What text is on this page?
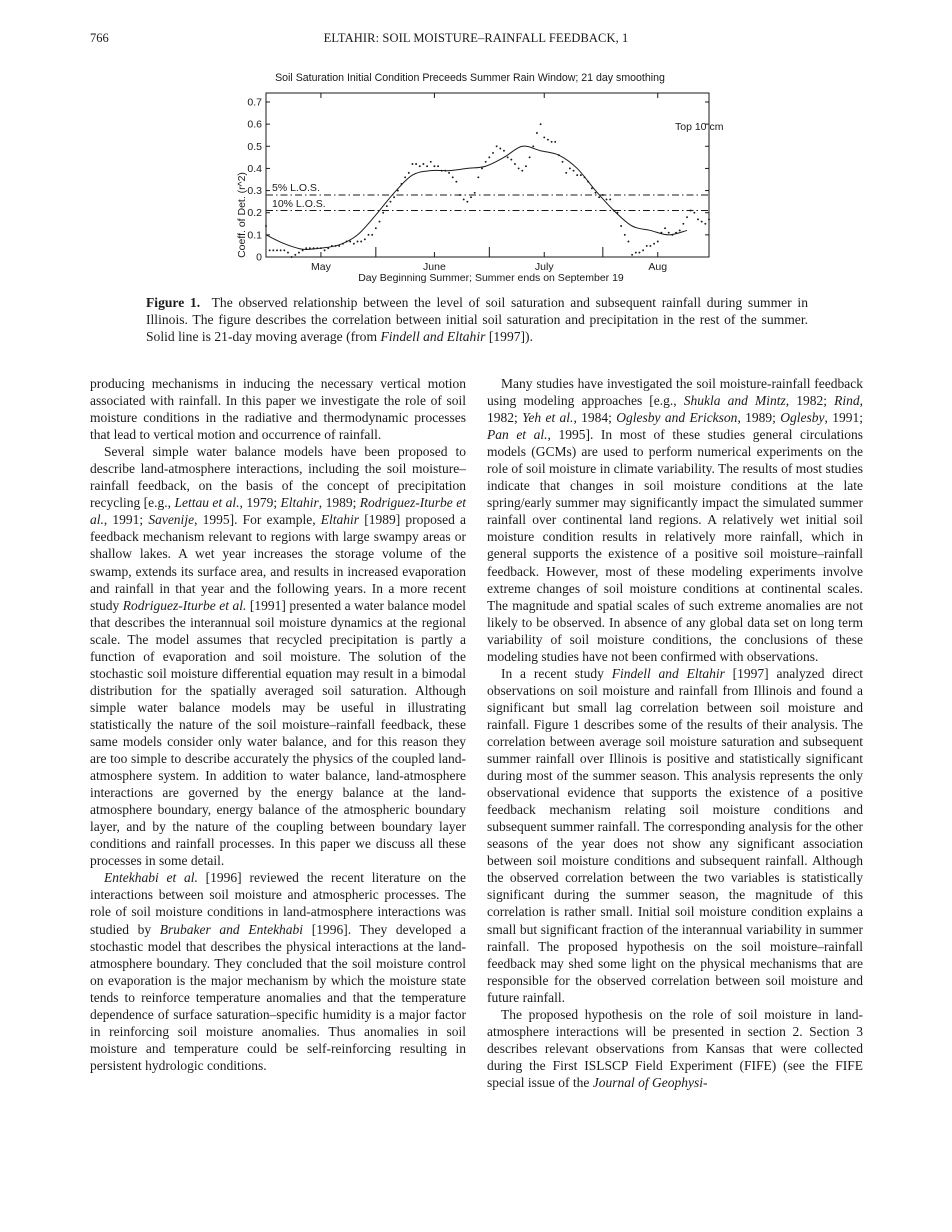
766	ELTAHIR: SOIL MOISTURE–RAINFALL FEEDBACK, 1
Soil Saturation Initial Condition Preceeds Summer Rain Window; 21 day smoothing
0
0.1
0.2
0.3
0.4
0.5
0.6
0.7
May	June	July	Aug
Top 10 cm
5% L.O.S.
10% L.O.S.
Coeff. of Det. (r^2)
Day Beginning Summer; Summer ends on September 19
Figure 1. The observed relationship between the level of soil saturation and subsequent rainfall during summer in Illinois. The figure describes the correlation between initial soil saturation and precipitation in the rest of the summer. Solid line is 21-day moving average (from Findell and Eltahir [1997]).

producing mechanisms in inducing the necessary vertical motion associated with rainfall. In this paper we investigate the role of soil moisture conditions in the radiative and thermodynamic processes that lead to vertical motion and occurrence of rainfall.

Several simple water balance models have been proposed to describe land-atmosphere interactions, including the soil moisture–rainfall feedback, on the basis of the concept of precipitation recycling [e.g., Lettau et al., 1979; Eltahir, 1989; Rodriguez-Iturbe et al., 1991; Savenije, 1995]. For example, Eltahir [1989] proposed a feedback mechanism relevant to regions with large swampy areas or shallow lakes. A wet year increases the storage volume of the swamp, extends its surface area, and results in increased evaporation and rainfall in that year and the following years. In a more recent study Rodriguez-Iturbe et al. [1991] presented a water balance model that describes the interannual soil moisture dynamics at the regional scale. The model assumes that recycled precipitation is partly a function of evaporation and soil moisture. The solution of the stochastic soil moisture differential equation may result in a bimodal distribution for the spatially averaged soil saturation. Although simple water balance models may be useful in illustrating statistically the nature of the soil moisture–rainfall feedback, these same models consider only water balance, and for this reason they are too simple to describe accurately the physics of the coupled land-atmosphere system. In addition to water balance, land-atmosphere interactions are governed by the energy balance at the land-atmosphere boundary, energy balance of the atmospheric boundary layer, and by the nature of the coupling between boundary layer conditions and rainfall processes. In this paper we discuss all these processes in some detail.

Entekhabi et al. [1996] reviewed the recent literature on the interactions between soil moisture and atmospheric processes. The role of soil moisture conditions in land-atmosphere interactions was studied by Brubaker and Entekhabi [1996]. They developed a stochastic model that describes the physical interactions at the land-atmosphere boundary. They concluded that the soil moisture control on evaporation is the major mechanism by which the moisture state tends to reinforce temperature anomalies and that the temperature dependence of surface saturation–specific humidity is a major factor in reinforcing soil moisture anomalies. Thus anomalies in soil moisture and temperature could be self-reinforcing resulting in persistent hydrologic conditions.

Many studies have investigated the soil moisture-rainfall feedback using modeling approaches [e.g., Shukla and Mintz, 1982; Rind, 1982; Yeh et al., 1984; Oglesby and Erickson, 1989; Oglesby, 1991; Pan et al., 1995]. In most of these studies general circulations models (GCMs) are used to perform numerical experiments on the role of soil moisture in climate variability. The results of most studies indicate that changes in soil moisture conditions at the late spring/early summer may significantly impact the simulated summer rainfall over continental land regions. A relatively wet initial soil moisture condition results in relatively more rainfall, which in general supports the existence of a positive soil moisture–rainfall feedback. However, most of these modeling experiments involve extreme changes of soil moisture conditions at continental scales. The magnitude and spatial scales of such extreme anomalies are not likely to be observed. In absence of any global data set on long term variability of soil moisture conditions, the conclusions of these modeling studies have not been confirmed with observations.

In a recent study Findell and Eltahir [1997] analyzed direct observations on soil moisture and rainfall from Illinois and found a significant but small lag correlation between soil moisture and rainfall. Figure 1 describes some of the results of their analysis. The correlation between average soil moisture saturation and subsequent summer rainfall over Illinois is positive and statistically significant during most of the summer season. This analysis represents the only observational evidence that supports the existence of a positive feedback mechanism relating soil moisture conditions and subsequent summer rainfall. The corresponding analysis for the other seasons of the year does not show any significant association between soil moisture conditions and subsequent rainfall. Although the observed correlation between the two variables is statistically significant during the summer season, the magnitude of this correlation is rather small. Initial soil moisture condition explains a small but significant fraction of the interannual variability in summer rainfall. The proposed hypothesis on the soil moisture–rainfall feedback may shed some light on the physical mechanisms that are responsible for the observed correlation between soil moisture and future rainfall.

The proposed hypothesis on the role of soil moisture in land-atmosphere interactions will be presented in section 2. Section 3 describes relevant observations from Kansas that were collected during the First ISLSCP Field Experiment (FIFE) (see the FIFE special issue of the Journal of Geophysi-
